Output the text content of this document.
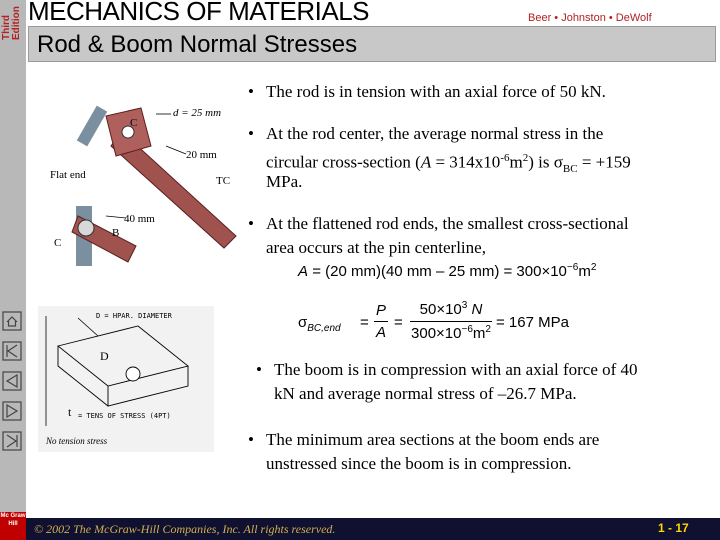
Third Edition MECHANICS OF MATERIALS	Beer • Johnston • DeWolf
Rod & Boom Normal Stresses
d = 25 mm
20 mm
Flat end	TC
40 mm
C
C
B
D = HPAR. DIAMETER
D
t = TENS OF STRESS (4PT)
No tension stress
• The rod is in tension with an axial force of 50 kN.
• At the rod center, the average normal stress in the
circular cross-section $(A = 314x10^{-6}m^2)$ is $\sigma_{BC} = +159$
MPa.
• At the flattened rod ends, the smallest cross-sectional
area occurs at the pin centerline,
A = (20 mm)(40 mm – 25 $mm) = 300\times 10^{-6}m^2$
$\sigma_{BC,end}$ =
P
A
=
$50\times 10^3$ N
$300\times 10^{-6}m^2 = 167$ MPa
• The boom is in compression with an axial force of 40
kN and average normal stress of –26.7 MPa.
• The minimum area sections at the boom ends are
unstressed since the boom is in compression.
Mc Graw Hill	© 2002 The McGraw-Hill Companies, Inc. All rights reserved.	1 - 17
